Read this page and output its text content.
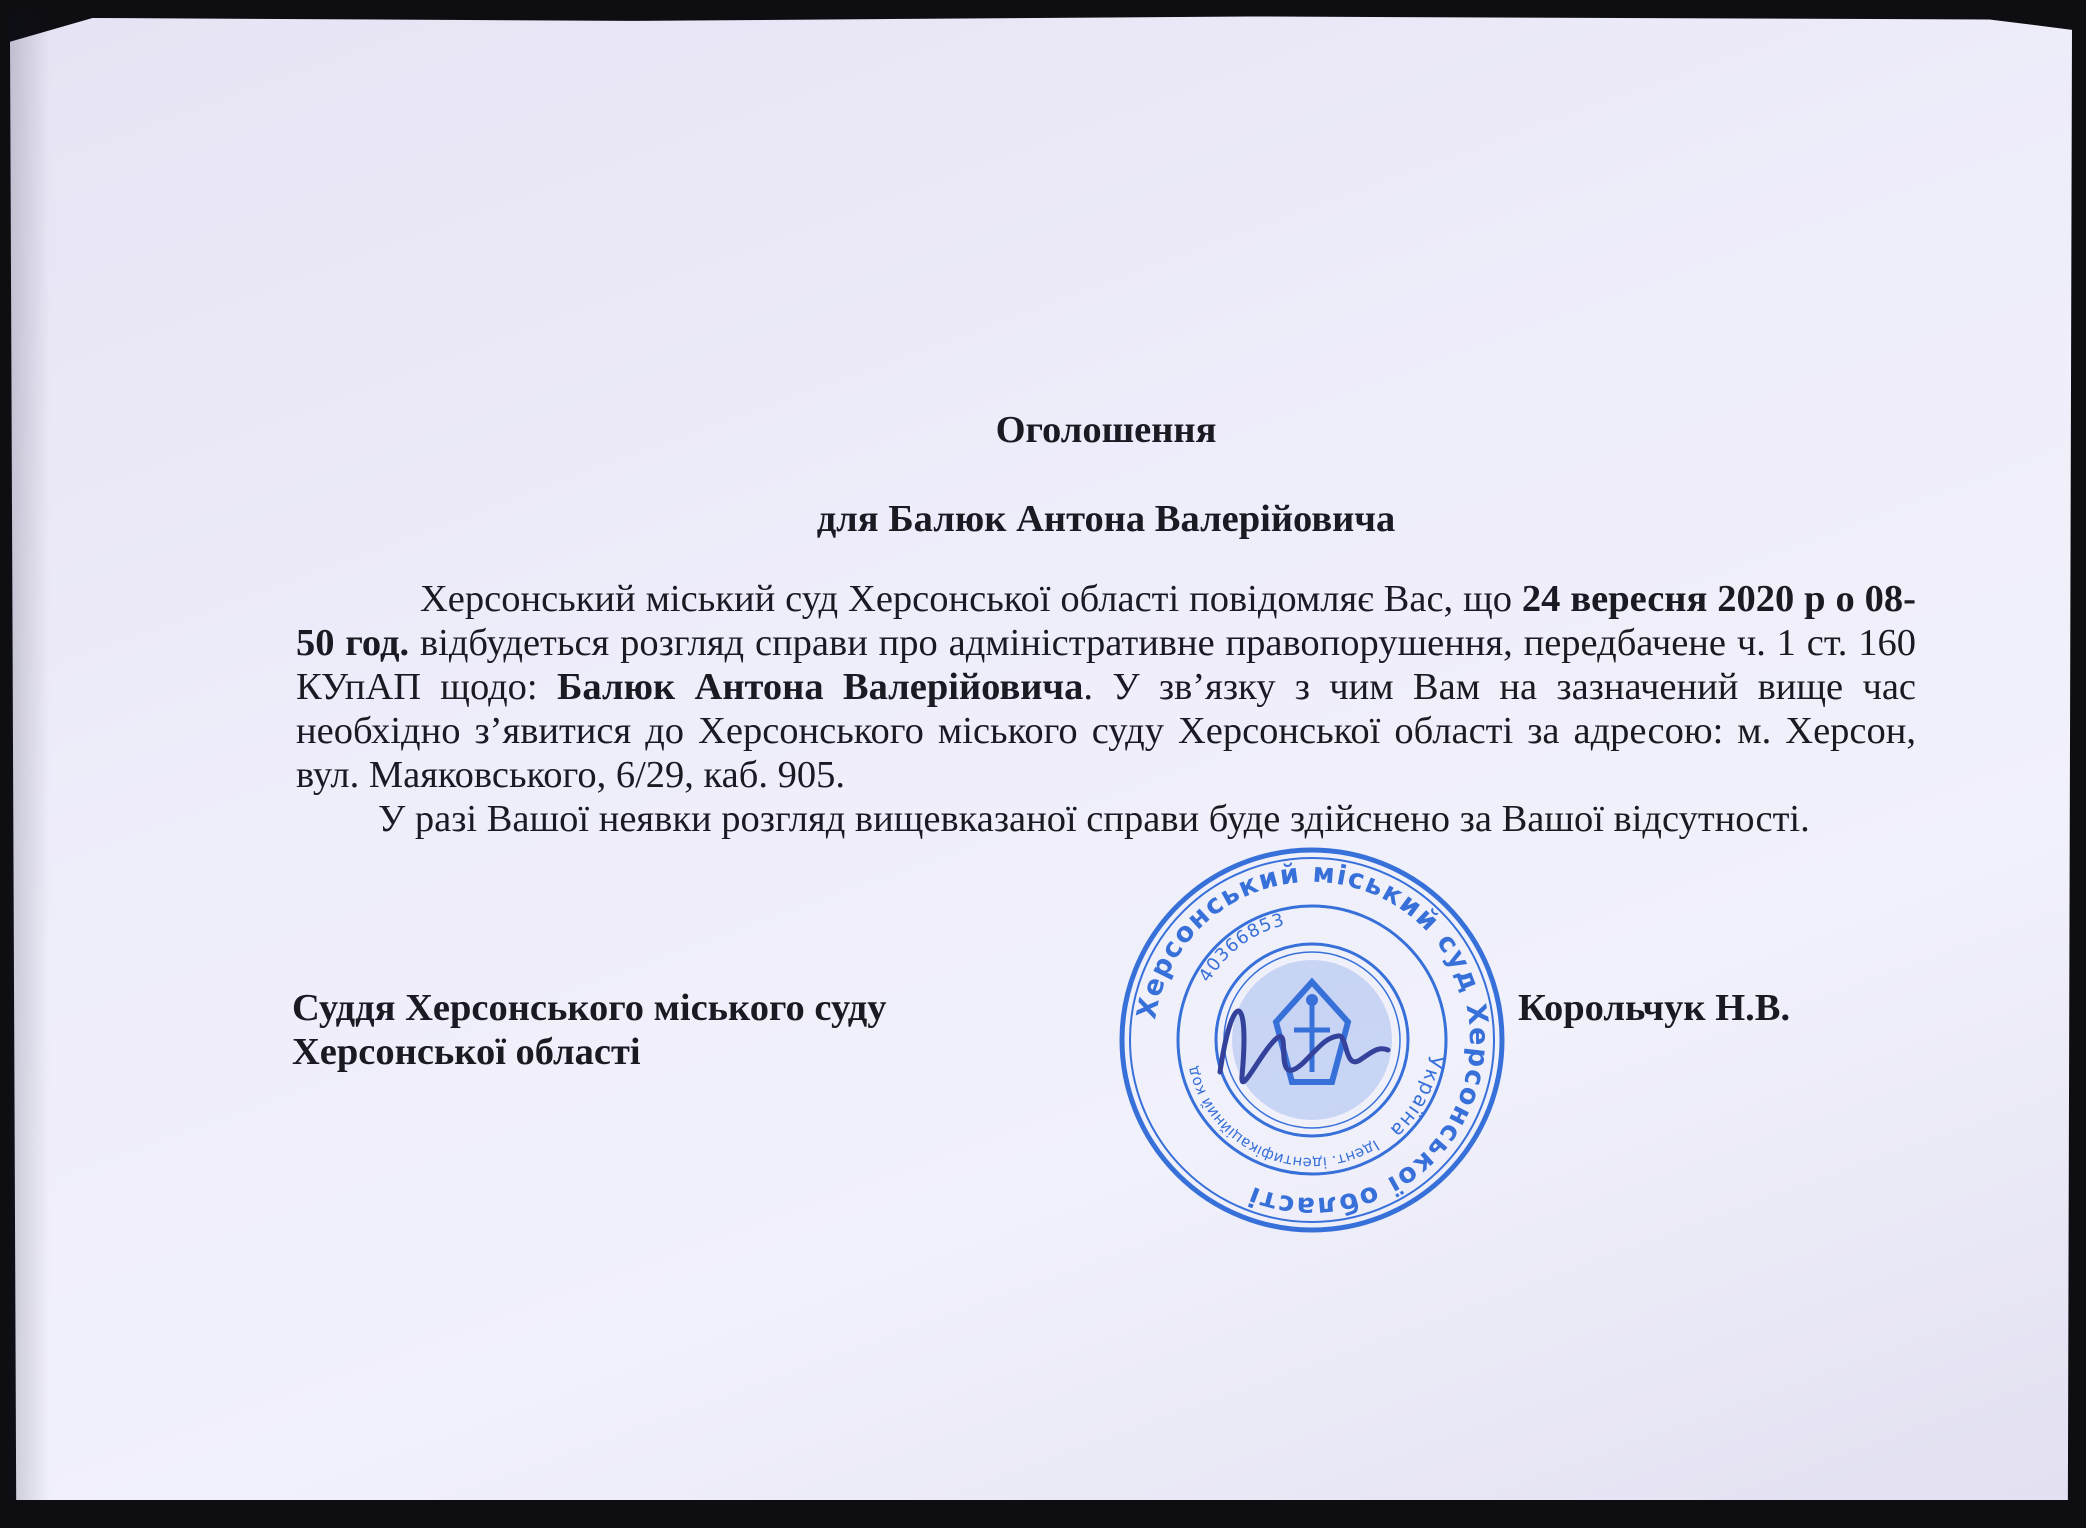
Оголошення
для Балюк Антона Валерійовича

Херсонський міський суд Херсонської області повідомляє Вас, що 24 вересня 2020 р о 08-50 год. відбудеться розгляд справи про адміністративне правопорушення, передбачене ч. 1 ст. 160 КУпАП щодо: Балюк Антона Валерійовича. У зв’язку з чим Вам на зазначений вище час необхідно з’явитися до Херсонського міського суду Херсонської області за адресою: м. Херсон, вул. Маяковського, 6/29, каб. 905.

У разі Вашої неявки розгляд вищевказаної справи буде здійснено за Вашої відсутності.

Суддя Херсонського міського суду
Херсонської області
Корольчук Н.В.
Херсонський міський суд Херсонської області
Україна
Ідент. ідентифікаційний код
40366853
